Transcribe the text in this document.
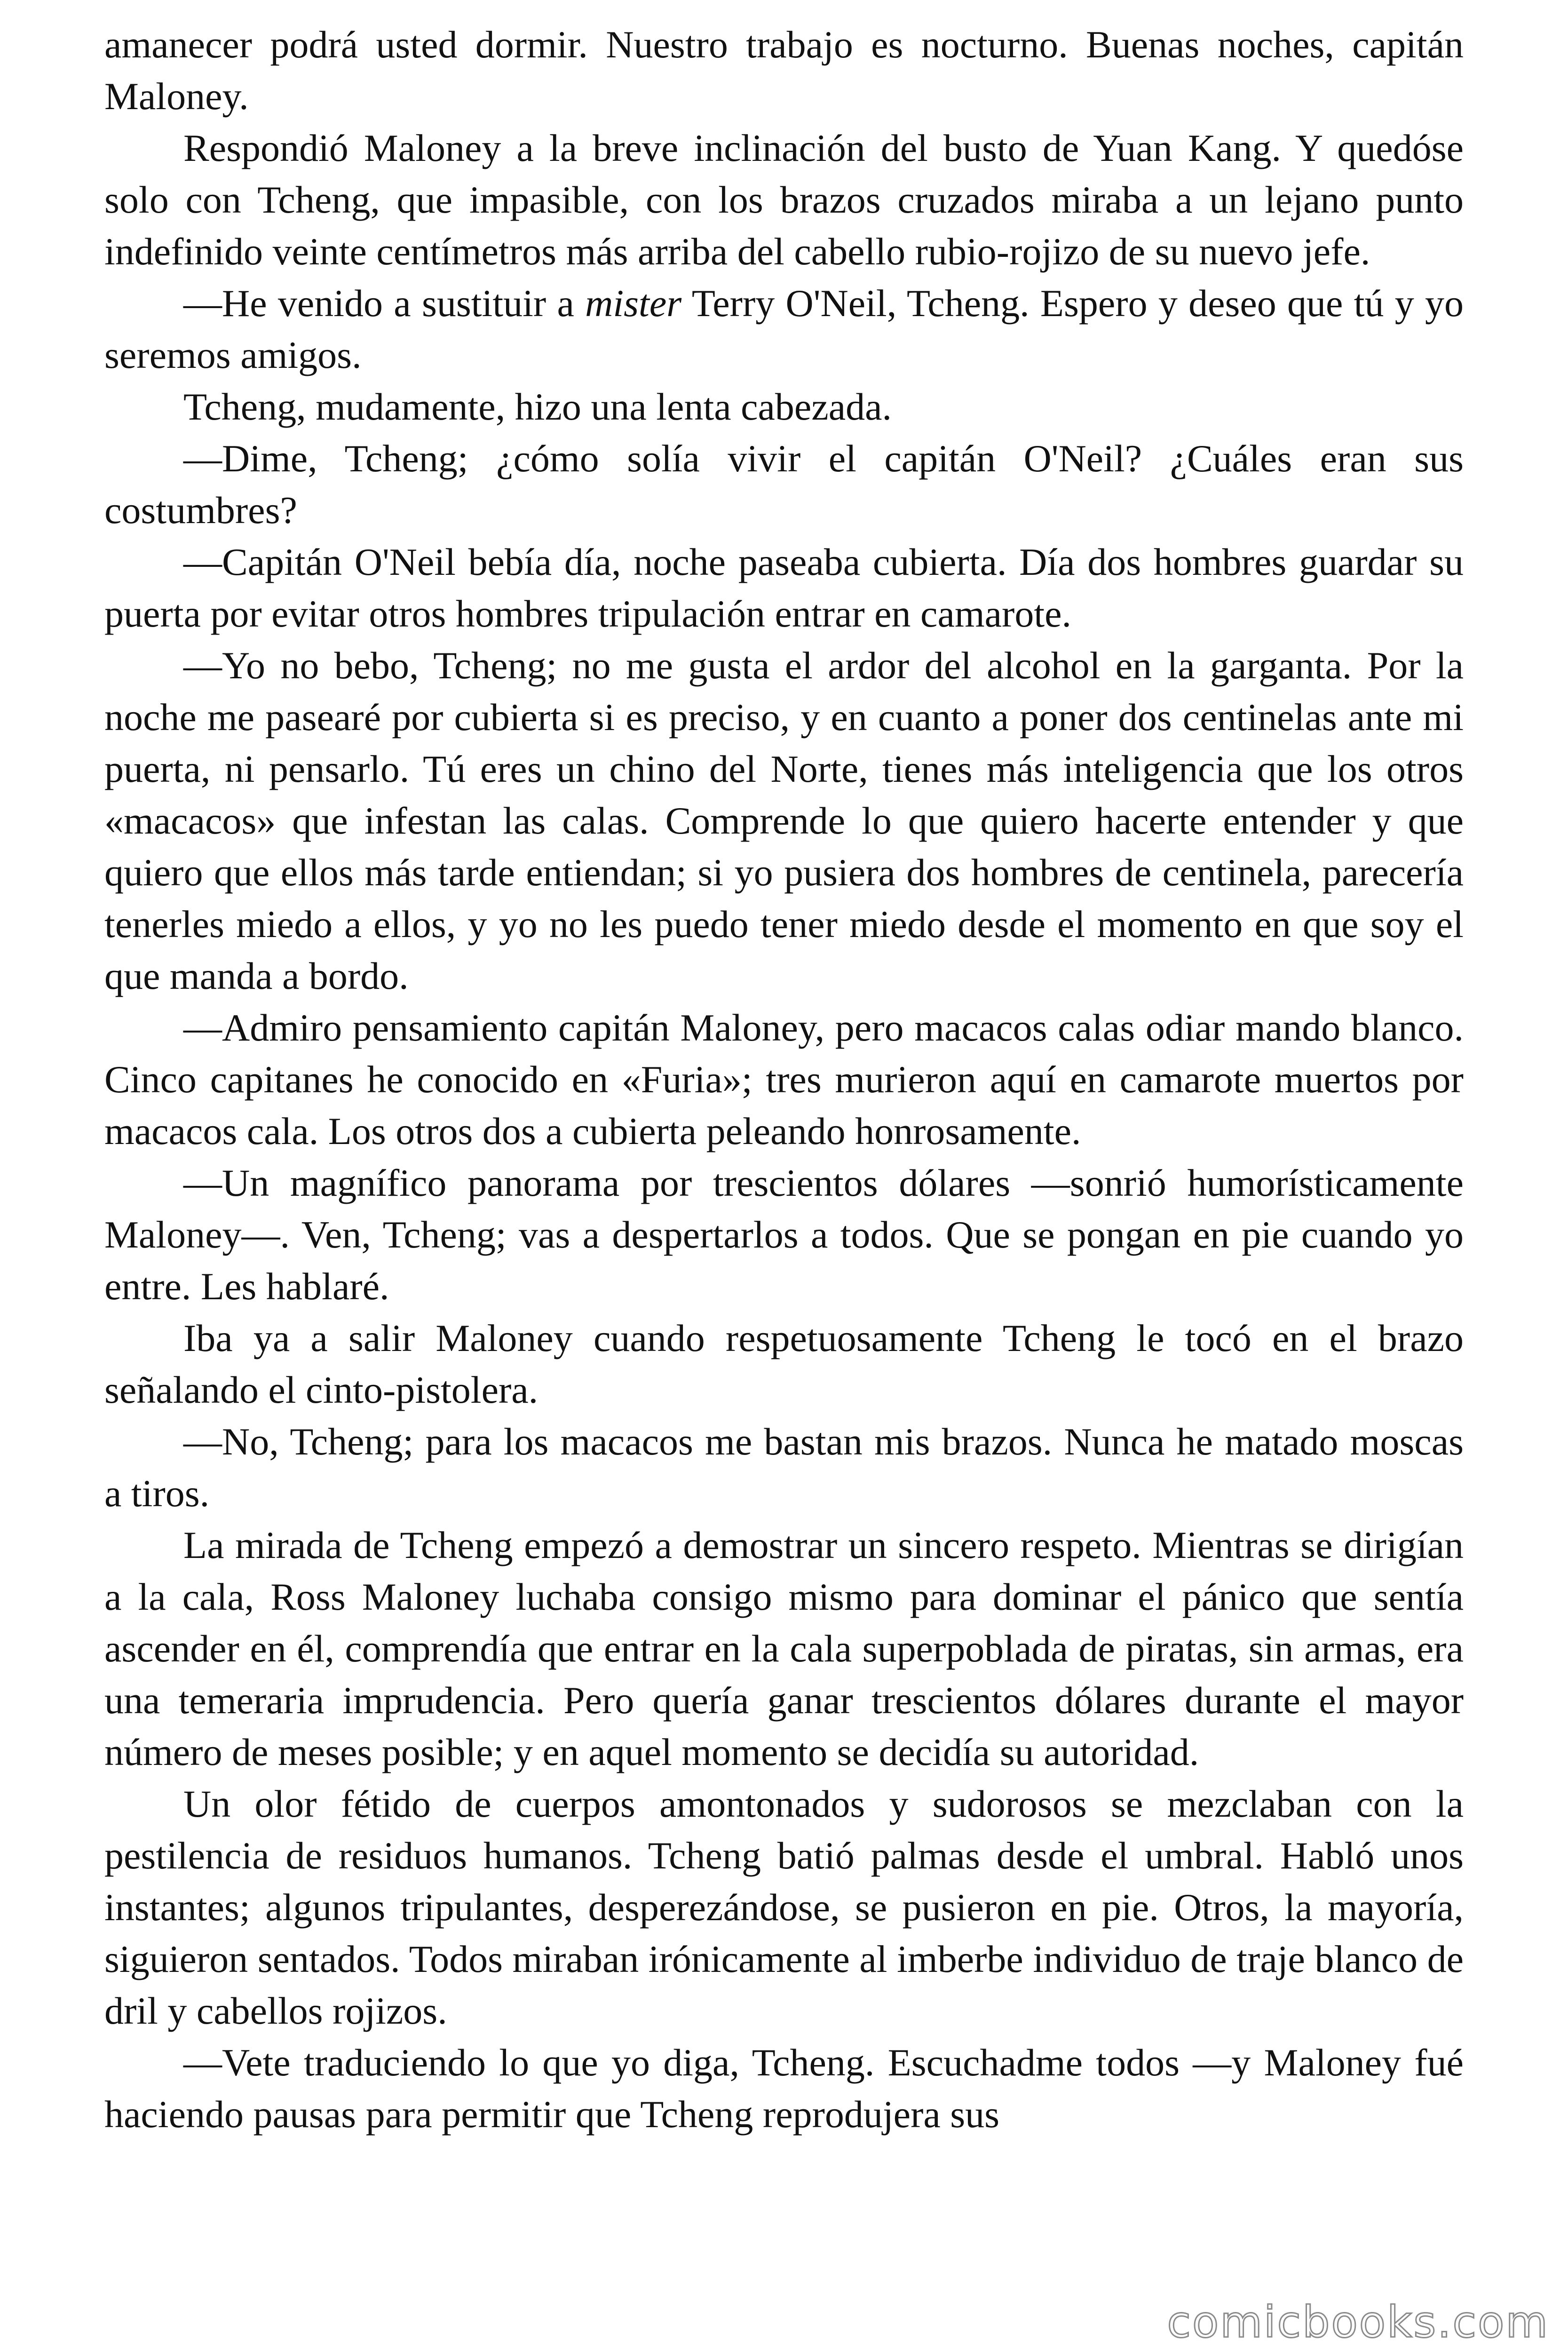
amanecer podrá usted dormir. Nuestro trabajo es nocturno. Buenas noches, capitán Maloney.

Respondió Maloney a la breve inclinación del busto de Yuan Kang. Y quedóse solo con Tcheng, que impasible, con los brazos cruzados miraba a un lejano punto indefinido veinte centímetros más arriba del cabello rubio-rojizo de su nuevo jefe.

—He venido a sustituir a mister Terry O'Neil, Tcheng. Espero y deseo que tú y yo seremos amigos.

Tcheng, mudamente, hizo una lenta cabezada.

—Dime, Tcheng; ¿cómo solía vivir el capitán O'Neil? ¿Cuáles eran sus costumbres?

—Capitán O'Neil bebía día, noche paseaba cubierta. Día dos hombres guardar su puerta por evitar otros hombres tripulación entrar en camarote.

—Yo no bebo, Tcheng; no me gusta el ardor del alcohol en la garganta. Por la noche me pasearé por cubierta si es preciso, y en cuanto a poner dos centinelas ante mi puerta, ni pensarlo. Tú eres un chino del Norte, tienes más inteligencia que los otros «macacos» que infestan las calas. Comprende lo que quiero hacerte entender y que quiero que ellos más tarde entiendan; si yo pusiera dos hombres de centinela, parecería tenerles miedo a ellos, y yo no les puedo tener miedo desde el momento en que soy el que manda a bordo.

—Admiro pensamiento capitán Maloney, pero macacos calas odiar mando blanco. Cinco capitanes he conocido en «Furia»; tres murieron aquí en camarote muertos por macacos cala. Los otros dos a cubierta peleando honrosamente.

—Un magnífico panorama por trescientos dólares —sonrió humorísticamente Maloney—. Ven, Tcheng; vas a despertarlos a todos. Que se pongan en pie cuando yo entre. Les hablaré.

Iba ya a salir Maloney cuando respetuosamente Tcheng le tocó en el brazo señalando el cinto-pistolera.

—No, Tcheng; para los macacos me bastan mis brazos. Nunca he matado moscas a tiros.

La mirada de Tcheng empezó a demostrar un sincero respeto. Mientras se dirigían a la cala, Ross Maloney luchaba consigo mismo para dominar el pánico que sentía ascender en él, comprendía que entrar en la cala superpoblada de piratas, sin armas, era una temeraria imprudencia. Pero quería ganar trescientos dólares durante el mayor número de meses posible; y en aquel momento se decidía su autoridad.

Un olor fétido de cuerpos amontonados y sudorosos se mezclaban con la pestilencia de residuos humanos. Tcheng batió palmas desde el umbral. Habló unos instantes; algunos tripulantes, desperezándose, se pusieron en pie. Otros, la mayoría, siguieron sentados. Todos miraban irónicamente al imberbe individuo de traje blanco de dril y cabellos rojizos.

—Vete traduciendo lo que yo diga, Tcheng. Escuchadme todos —y Maloney fué haciendo pausas para permitir que Tcheng reprodujera sus

comicbooks.com
